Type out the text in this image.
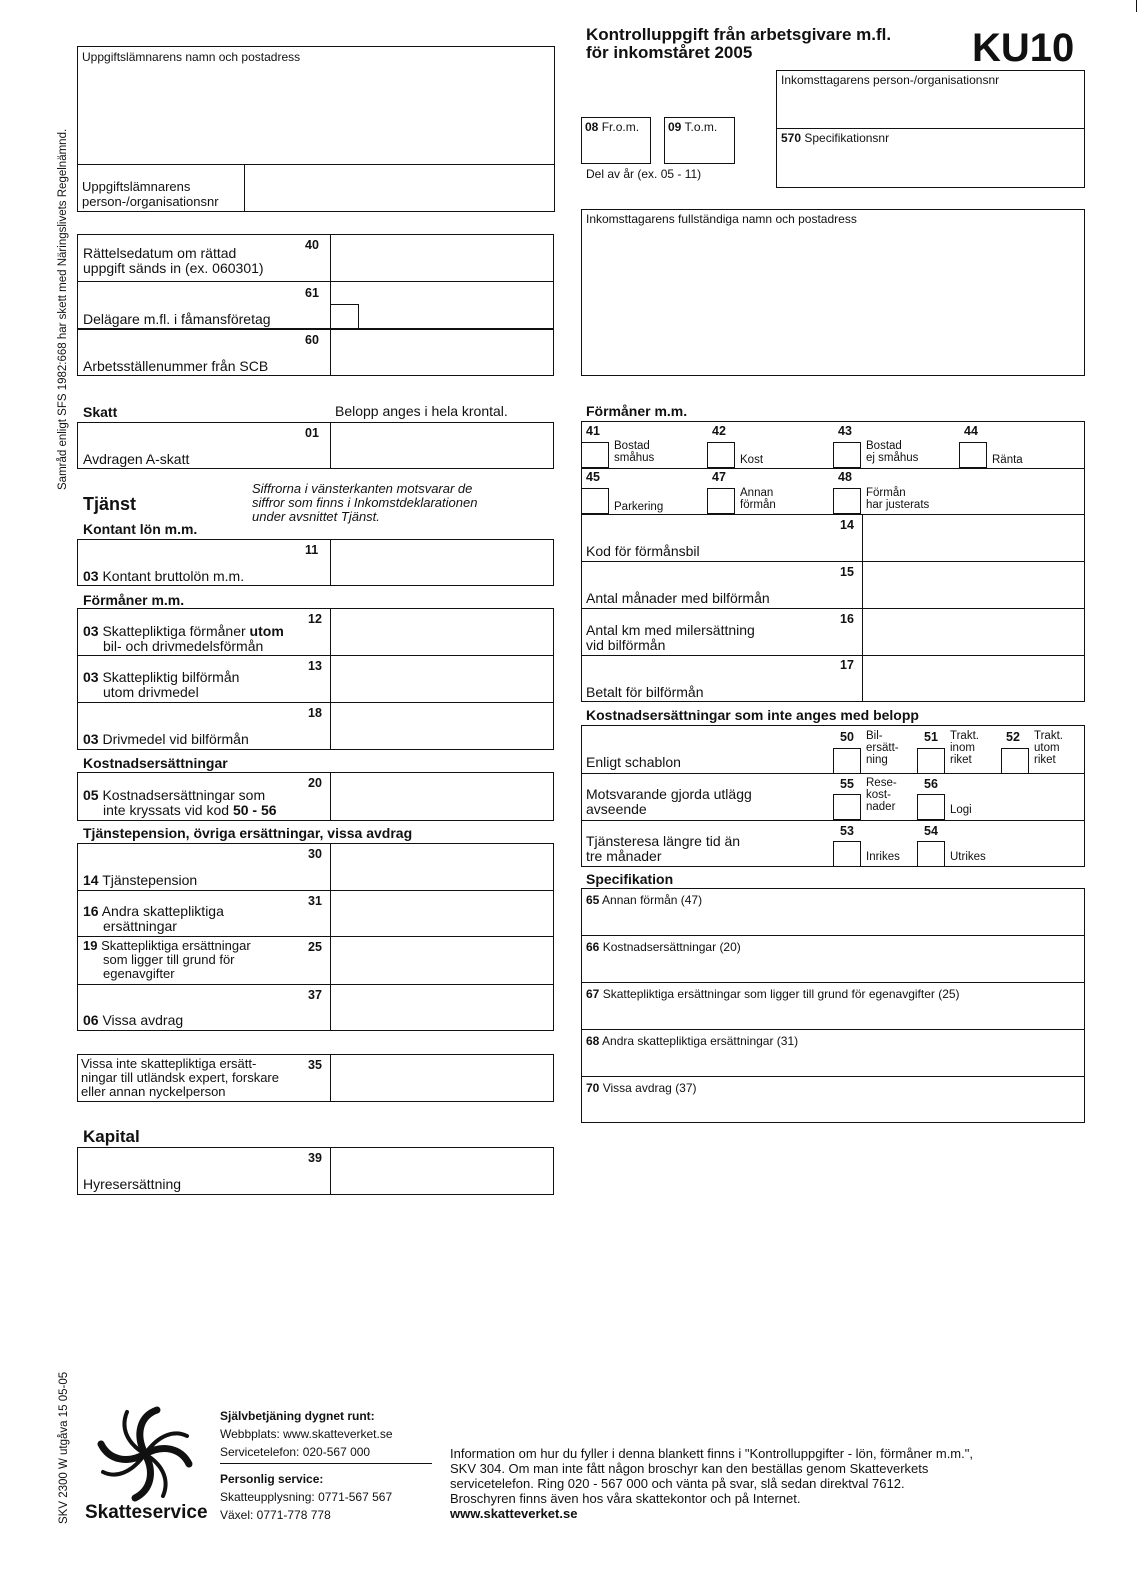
Samråd enligt SFS 1982:668 har skett med Näringslivets Regelnämnd.
SKV 2300 W utgåva 15 05-05
Kontrolluppgift från arbetsgivare m.fl.
för inkomståret 2005	KU10
Uppgiftslämnarens namn och postadress
Uppgiftslämnarens
person-/organisationsnr
Inkomsttagarens person-/organisationsnr
570 Specifikationsnr
08 Fr.o.m. 09 T.o.m.
Del av år (ex. 05 - 11)
Inkomsttagarens fullständiga namn och postadress
40
Rättelsedatum om rättad
uppgift sänds in (ex. 060301)
61
Delägare m.fl. i fåmansföretag
60
Arbetsställenummer från SCB
Skatt	Belopp anges i hela krontal.
01
Avdragen A-skatt
Tjänst
Siffrorna i vänsterkanten motsvarar de
siffror som finns i Inkomstdeklarationen
under avsnittet Tjänst.
Kontant lön m.m.
11
03 Kontant bruttolön m.m.
Förmåner m.m.
12
03 Skattepliktiga förmåner utom
bil- och drivmedelsförmån
13
03 Skattepliktig bilförmån
utom drivmedel
18
03 Drivmedel vid bilförmån
Kostnadsersättningar
20
05 Kostnadsersättningar som
inte kryssats vid kod 50 - 56
Tjänstepension, övriga ersättningar, vissa avdrag
30
14 Tjänstepension
31
16 Andra skattepliktiga
ersättningar
25
19 Skattepliktiga ersättningar
som ligger till grund för
egenavgifter
37
06 Vissa avdrag
35
Vissa inte skattepliktiga ersätt-
ningar till utländsk expert, forskare
eller annan nyckelperson
Kapital
39
Hyresersättning
Förmåner m.m.
41
Bostad
småhus
42
Kost
43
Bostad
ej småhus
44
Ränta
45
Parkering
47
Annan
förmån
48
Förmån
har justerats
14
Kod för förmånsbil
15
Antal månader med bilförmån
16
Antal km med milersättning
vid bilförmån
17
Betalt för bilförmån
Kostnadsersättningar som inte anges med belopp
Enligt schablon
50 Bil-
ersätt-
ning
51 Trakt.
inom
riket
52 Trakt.
utom
riket
Motsvarande gjorda utlägg
avseende
55 Rese-
kost-
nader
56
Logi
Tjänsteresa längre tid än
tre månader
53
Inrikes
54
Utrikes
Specifikation
65 Annan förmån (47)
66 Kostnadsersättningar (20)
67 Skattepliktiga ersättningar som ligger till grund för egenavgifter (25)
68 Andra skattepliktiga ersättningar (31)
70 Vissa avdrag (37)
Skatteservice
Självbetjäning dygnet runt:
Webbplats: www.skatteverket.se
Servicetelefon: 020-567 000
Personlig service:
Skatteupplysning: 0771-567 567
Växel: 0771-778 778
Information om hur du fyller i denna blankett finns i "Kontrolluppgifter - lön, förmåner m.m.",
SKV 304. Om man inte fått någon broschyr kan den beställas genom Skatteverkets
servicetelefon. Ring 020 - 567 000 och vänta på svar, slå sedan direktval 7612.
Broschyren finns även hos våra skattekontor och på Internet.
www.skatteverket.se
